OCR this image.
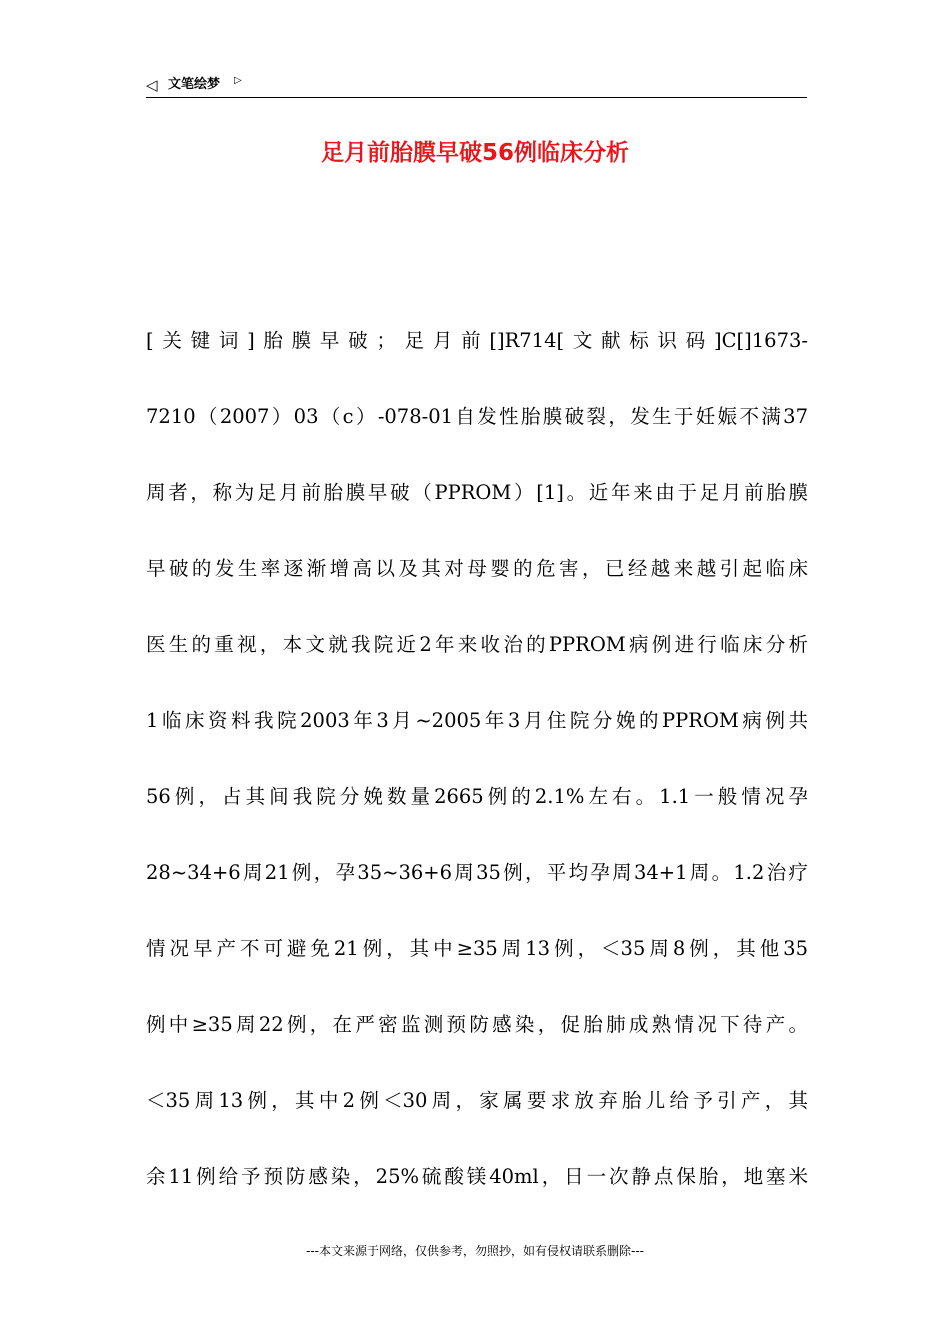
◁ 文笔绘梦 ▷
足月前胎膜早破56例临床分析
[关键词]胎膜早破；足月前[]R714[文献标识码]C[]1673-
7210（2007）03（c）-078-01自发性胎膜破裂，发生于妊娠不满37
周者，称为足月前胎膜早破（PPROM）[1]。近年来由于足月前胎膜
早破的发生率逐渐增高以及其对母婴的危害，已经越来越引起临床
医生的重视，本文就我院近2年来收治的PPROM病例进行临床分析
1临床资料我院2003年3月~2005年3月住院分娩的PPROM病例共
56例，占其间我院分娩数量2665例的2.1%左右。1.1一般情况孕
28~34+6周21例，孕35~36+6周35例，平均孕周34+1周。1.2治疗
情况早产不可避免21例，其中≥35周13例，＜35周8例，其他35
例中≥35周22例，在严密监测预防感染，促胎肺成熟情况下待产。
＜35周13例，其中2例＜30周，家属要求放弃胎儿给予引产，其
余11例给予预防感染，25%硫酸镁40ml，日一次静点保胎，地塞米
---本文来源于网络，仅供参考，勿照抄，如有侵权请联系删除---
